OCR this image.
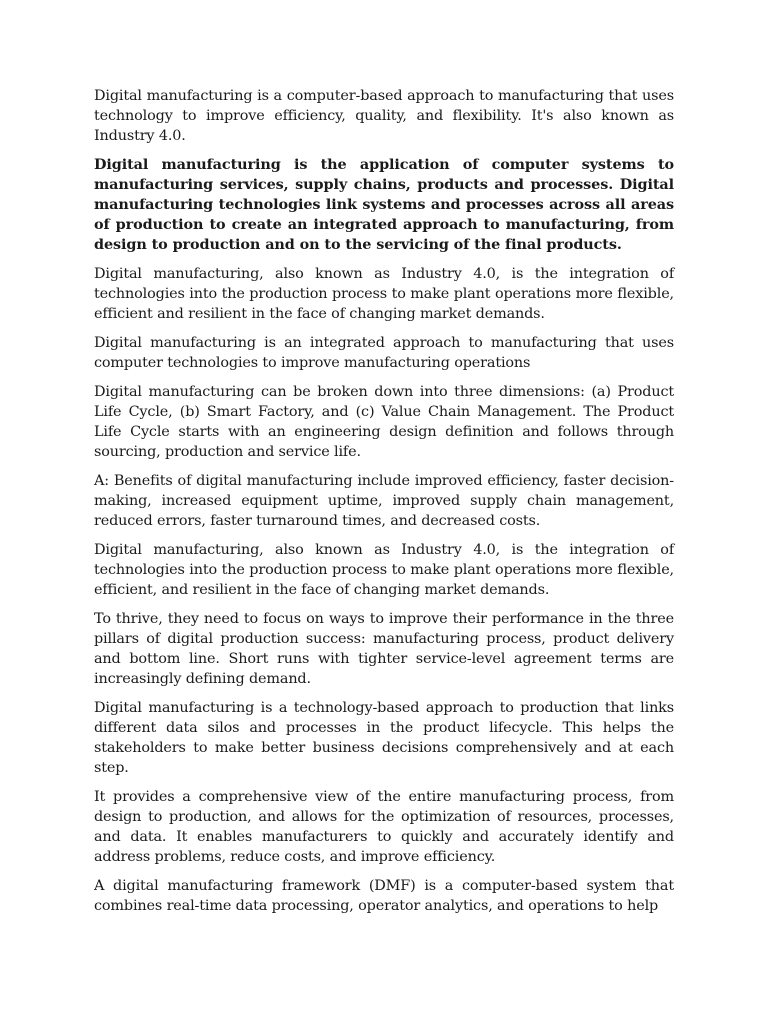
Digital manufacturing is a computer-based approach to manufacturing that uses technology to improve efficiency, quality, and flexibility. It's also known as Industry 4.0.

Digital manufacturing is the application of computer systems to manufacturing services, supply chains, products and processes. Digital manufacturing technologies link systems and processes across all areas of production to create an integrated approach to manufacturing, from design to production and on to the servicing of the final products.

Digital manufacturing, also known as Industry 4.0, is the integration of technologies into the production process to make plant operations more flexible, efficient and resilient in the face of changing market demands.

Digital manufacturing is an integrated approach to manufacturing that uses computer technologies to improve manufacturing operations

Digital manufacturing can be broken down into three dimensions: (a) Product Life Cycle, (b) Smart Factory, and (c) Value Chain Management. The Product Life Cycle starts with an engineering design definition and follows through sourcing, production and service life.

A: Benefits of digital manufacturing include improved efficiency, faster decision-making, increased equipment uptime, improved supply chain management, reduced errors, faster turnaround times, and decreased costs.

Digital manufacturing, also known as Industry 4.0, is the integration of technologies into the production process to make plant operations more flexible, efficient, and resilient in the face of changing market demands.

To thrive, they need to focus on ways to improve their performance in the three pillars of digital production success: manufacturing process, product delivery and bottom line. Short runs with tighter service-level agreement terms are increasingly defining demand.

Digital manufacturing is a technology-based approach to production that links different data silos and processes in the product lifecycle. This helps the stakeholders to make better business decisions comprehensively and at each step.

It provides a comprehensive view of the entire manufacturing process, from design to production, and allows for the optimization of resources, processes, and data. It enables manufacturers to quickly and accurately identify and address problems, reduce costs, and improve efficiency.

A digital manufacturing framework (DMF) is a computer-based system that combines real-time data processing, operator analytics, and operations to help
